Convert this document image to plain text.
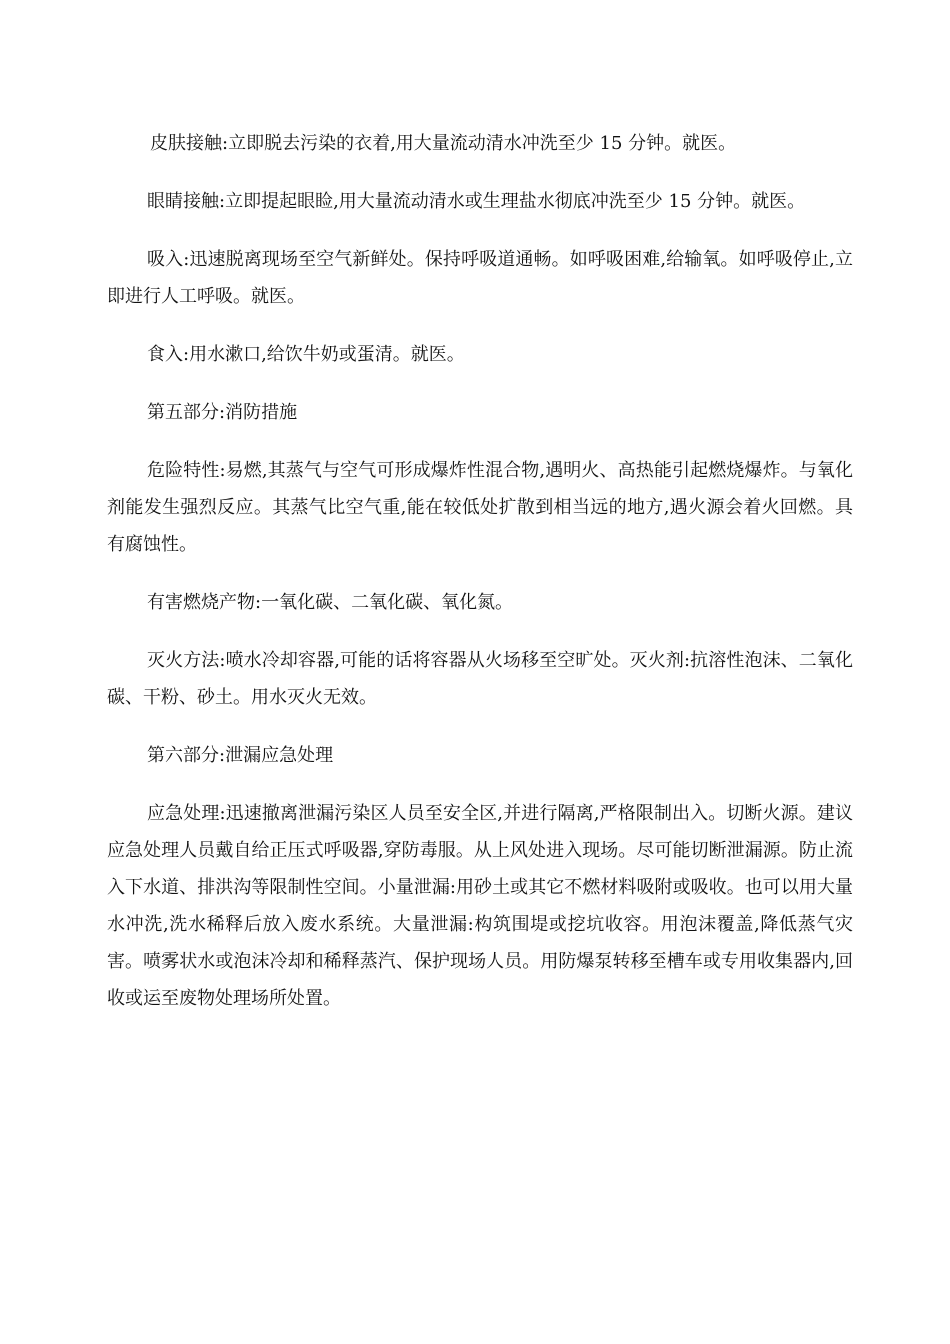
皮肤接触:立即脱去污染的衣着,用大量流动清水冲洗至少 15 分钟。就医。

眼睛接触:立即提起眼睑,用大量流动清水或生理盐水彻底冲洗至少 15 分钟。就医。

吸入:迅速脱离现场至空气新鲜处。保持呼吸道通畅。如呼吸困难,给输氧。如呼吸停止,立即进行人工呼吸。就医。

食入:用水漱口,给饮牛奶或蛋清。就医。

第五部分:消防措施

危险特性:易燃,其蒸气与空气可形成爆炸性混合物,遇明火、高热能引起燃烧爆炸。与氧化剂能发生强烈反应。其蒸气比空气重,能在较低处扩散到相当远的地方,遇火源会着火回燃。具有腐蚀性。

有害燃烧产物:一氧化碳、二氧化碳、氧化氮。

灭火方法:喷水冷却容器,可能的话将容器从火场移至空旷处。灭火剂:抗溶性泡沫、二氧化碳、干粉、砂土。用水灭火无效。

第六部分:泄漏应急处理

应急处理:迅速撤离泄漏污染区人员至安全区,并进行隔离,严格限制出入。切断火源。建议应急处理人员戴自给正压式呼吸器,穿防毒服。从上风处进入现场。尽可能切断泄漏源。防止流入下水道、排洪沟等限制性空间。小量泄漏:用砂土或其它不燃材料吸附或吸收。也可以用大量水冲洗,洗水稀释后放入废水系统。大量泄漏:构筑围堤或挖坑收容。用泡沫覆盖,降低蒸气灾害。喷雾状水或泡沫冷却和稀释蒸汽、保护现场人员。用防爆泵转移至槽车或专用收集器内,回收或运至废物处理场所处置。
